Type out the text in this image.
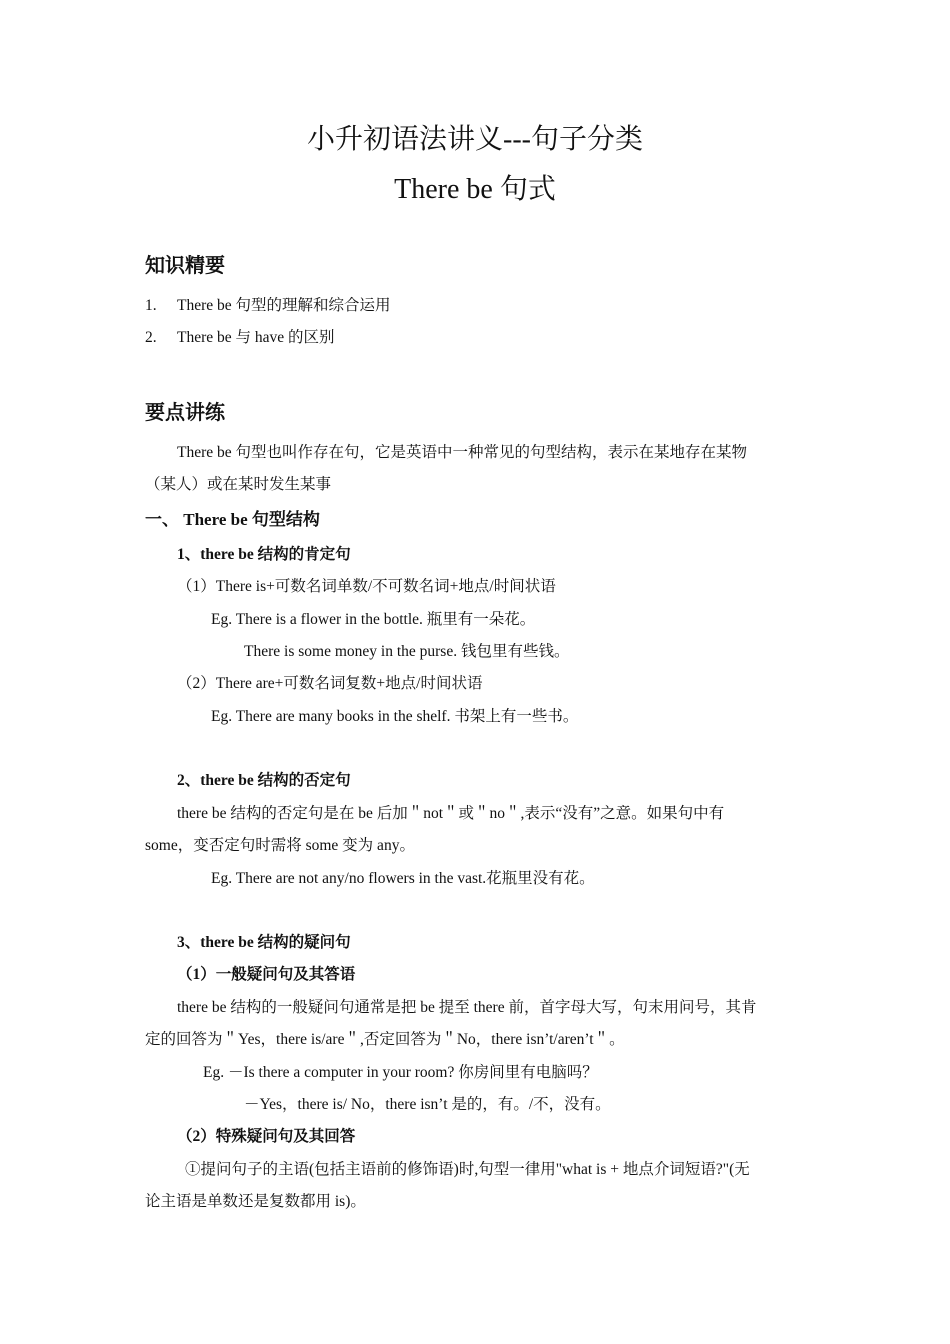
小升初语法讲义---句子分类
There be 句式
知识精要
1. There be 句型的理解和综合运用
2. There be 与 have 的区别
要点讲练
There be 句型也叫作存在句，它是英语中一种常见的句型结构，表示在某地存在某物
（某人）或在某时发生某事
一、 There be 句型结构
1、there be 结构的肯定句
（1）There is+可数名词单数/不可数名词+地点/时间状语
Eg. There is a flower in the bottle. 瓶里有一朵花。
There is some money in the purse. 钱包里有些钱。
（2）There are+可数名词复数+地点/时间状语
Eg. There are many books in the shelf. 书架上有一些书。
2、there be 结构的否定句
there be 结构的否定句是在 be 后加＂not＂或＂no＂,表示“没有”之意。如果句中有
some，变否定句时需将 some 变为 any。
Eg. There are not any/no flowers in the vast.花瓶里没有花。
3、there be 结构的疑问句
（1）一般疑问句及其答语
there be 结构的一般疑问句通常是把 be 提至 there 前，首字母大写，句末用问号，其肯
定的回答为＂Yes，there is/are＂,否定回答为＂No，there isn’t/aren’t＂。
Eg. －Is there a computer in your room? 你房间里有电脑吗？
－Yes，there is/ No，there isn’t 是的，有。/不，没有。
（2）特殊疑问句及其回答
①提问句子的主语(包括主语前的修饰语)时,句型一律用"what is + 地点介词短语?"(无
论主语是单数还是复数都用 is)。
